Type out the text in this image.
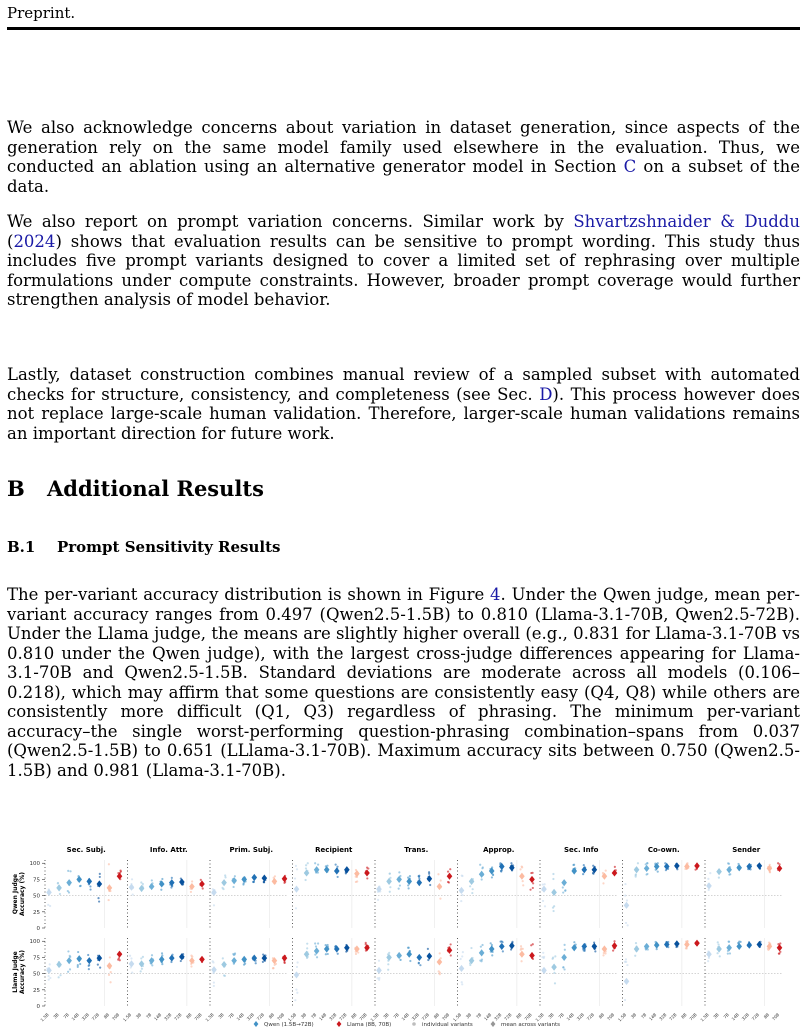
Preprint.

We also acknowledge concerns about variation in dataset generation, since aspects of the generation rely on the same model family used elsewhere in the evaluation. Thus, we conducted an ablation using an alternative generator model in Section C on a subset of the data.

We also report on prompt variation concerns. Similar work by Shvartzshnaider & Duddu (2024) shows that evaluation results can be sensitive to prompt wording. This study thus includes five prompt variants designed to cover a limited set of rephrasing over multiple formulations under compute constraints. However, broader prompt coverage would further strengthen analysis of model behavior.

Lastly, dataset construction combines manual review of a sampled subset with automated checks for structure, consistency, and completeness (see Sec. D). This process however does not replace large-scale human validation. Therefore, larger-scale human validations remains an important direction for future work.

B Additional Results
B.1 Prompt Sensitivity Results

The per-variant accuracy distribution is shown in Figure 4. Under the Qwen judge, mean per-variant accuracy ranges from 0.497 (Qwen2.5-1.5B) to 0.810 (Llama-3.1-70B, Qwen2.5-72B). Under the Llama judge, the means are slightly higher overall (e.g., 0.831 for Llama-3.1-70B vs 0.810 under the Qwen judge), with the largest cross-judge differences appearing for Llama-3.1-70B and Qwen2.5-1.5B. Standard deviations are moderate across all models (0.106–0.218), which may affirm that some questions are consistently easy (Q4, Q8) while others are consistently more difficult (Q1, Q3) regardless of phrasing. The minimum per-variant accuracy–the single worst-performing question-phrasing combination–spans from 0.037 (Qwen2.5-1.5B) to 0.651 (LLlama-3.1-70B). Maximum accuracy sits between 0.750 (Qwen2.5-1.5B) and 0.981 (Llama-3.1-70B).

Sec. Subj.
0
25
50
75
100
Qwen Judge Accuracy (%)
1.5B 3B 7B 14B 32B 72B 8B 70B
0
25
50
75
100
Llama Judge Accuracy (%)
Info. Attr.
1.5B 3B 7B 14B 32B 72B 8B 70B
Prim. Subj.
1.5B 3B 7B 14B 32B 72B 8B 70B
Recipient
1.5B 3B 7B 14B 32B 72B 8B 70B
Trans.
1.5B 3B 7B 14B 32B 72B 8B 70B
Approp.
1.5B 3B 7B 14B 32B 72B 8B 70B
Sec. Info
1.5B 3B 7B 14B 32B 72B 8B 70B
Co-own.
1.5B 3B 7B 14B 32B 72B 8B 70B
Sender
1.5B 3B 7B 14B 32B 72B 8B 70B
Qwen (1.5B→72B)	Llama (8B, 70B)	individual variants	mean across variants
